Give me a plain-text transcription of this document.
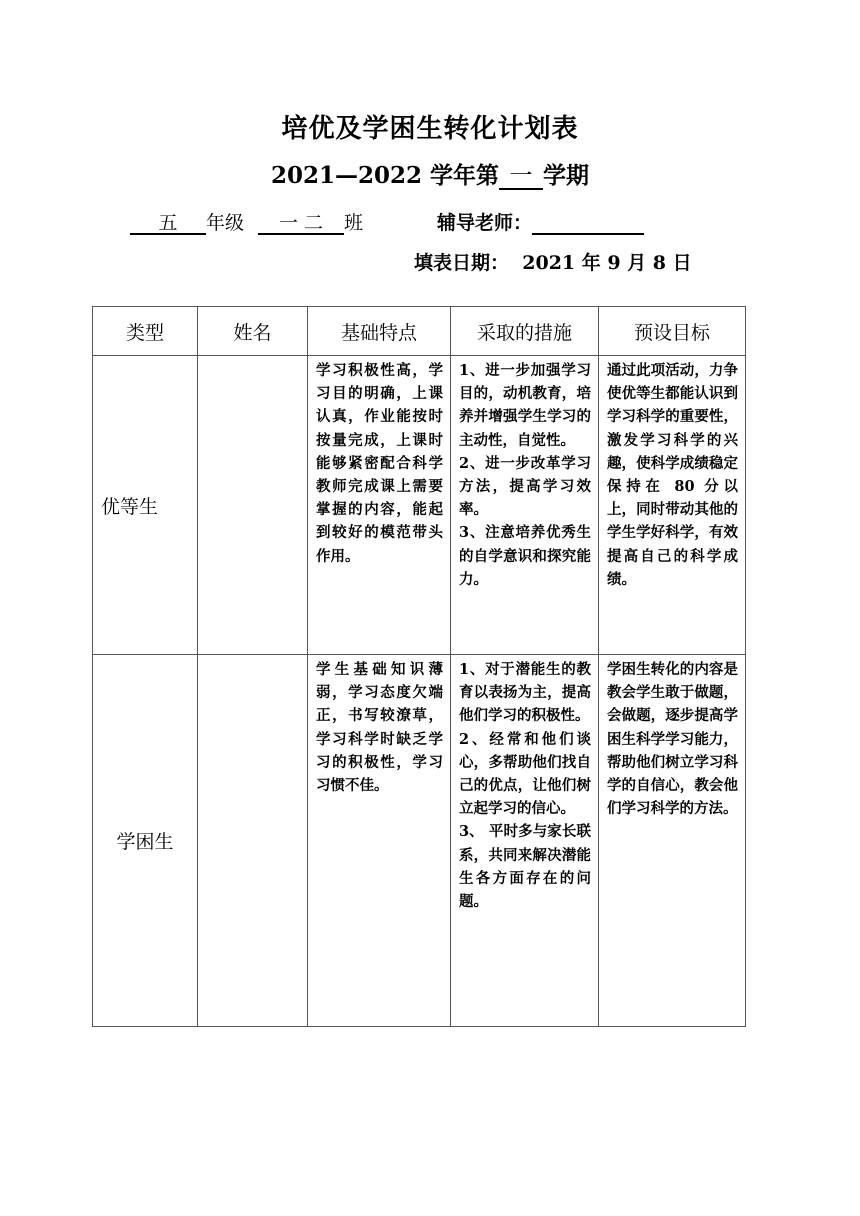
培优及学困生转化计划表
2021—2022 学年第 一 学期
五 年级 一 二 班	辅导老师：
填表日期： 2021 年 9 月 8 日
类型	姓名	基础特点	采取的措施	预设目标
优等生		学习积极性高，学习目的明确，上课认真，作业能按时按量完成，上课时能够紧密配合科学教师完成课上需要掌握的内容，能起到较好的模范带头作用。	1、进一步加强学习目的，动机教育，培养并增强学生学习的主动性，自觉性。

2、进一步改革学习方法，提高学习效率。

3、注意培养优秀生的自学意识和探究能力。	通过此项活动，力争使优等生都能认识到学习科学的重要性，激发学习科学的兴趣，使科学成绩稳定保持在 80 分以上，同时带动其他的学生学好科学，有效提高自己的科学成绩。

学困生		学生基础知识薄弱，学习态度欠端正，书写较潦草，学习科学时缺乏学习的积极性，学习习惯不佳。	1、对于潜能生的教育以表扬为主，提高他们学习的积极性。

2、经常和他们谈心，多帮助他们找自己的优点，让他们树立起学习的信心。

3、 平时多与家长联系，共同来解决潜能生各方面存在的问题。	学困生转化的内容是教会学生敢于做题，会做题，逐步提高学困生科学学习能力，帮助他们树立学习科学的自信心，教会他们学习科学的方法。
